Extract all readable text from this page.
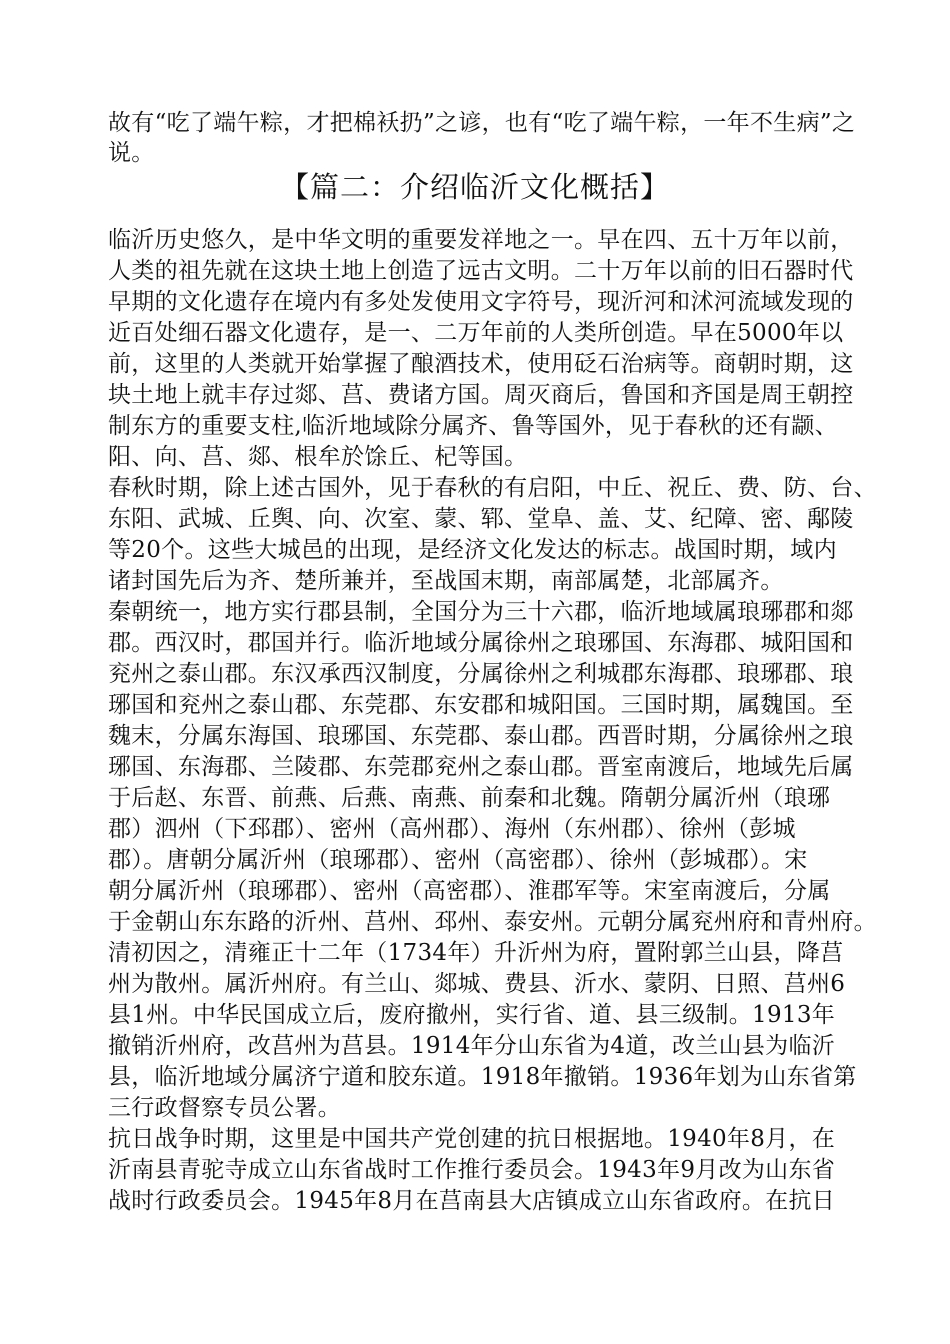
故有“吃了端午粽，才把棉袄扔”之谚，也有“吃了端午粽，一年不生病”之
说。
【篇二：介绍临沂文化概括】
临沂历史悠久，是中华文明的重要发祥地之一。早在四、五十万年以前，
人类的祖先就在这块土地上创造了远古文明。二十万年以前的旧石器时代
早期的文化遗存在境内有多处发使用文字符号，现沂河和沭河流域发现的
近百处细石器文化遗存，是一、二万年前的人类所创造。早在5000年以
前，这里的人类就开始掌握了酿酒技术，使用砭石治病等。商朝时期，这
块土地上就丰存过郯、莒、费诸方国。周灭商后，鲁国和齐国是周王朝控
制东方的重要支柱,临沂地域除分属齐、鲁等国外，见于春秋的还有颛、
阳、向、莒、郯、根牟於馀丘、杞等国。
春秋时期，除上述古国外，见于春秋的有启阳，中丘、祝丘、费、防、台、
东阳、武城、丘舆、向、次室、蒙、郓、堂阜、盖、艾、纪障、密、鄅陵
等20个。这些大城邑的出现，是经济文化发达的标志。战国时期，域内
诸封国先后为齐、楚所兼并，至战国末期，南部属楚，北部属齐。
秦朝统一，地方实行郡县制，全国分为三十六郡，临沂地域属琅琊郡和郯
郡。西汉时，郡国并行。临沂地域分属徐州之琅琊国、东海郡、城阳国和
兖州之泰山郡。东汉承西汉制度，分属徐州之利城郡东海郡、琅琊郡、琅
琊国和兖州之泰山郡、东莞郡、东安郡和城阳国。三国时期，属魏国。至
魏末，分属东海国、琅琊国、东莞郡、泰山郡。西晋时期，分属徐州之琅
琊国、东海郡、兰陵郡、东莞郡兖州之泰山郡。晋室南渡后，地域先后属
于后赵、东晋、前燕、后燕、南燕、前秦和北魏。隋朝分属沂州（琅琊
郡）泗州（下邳郡）、密州（高州郡）、海州（东州郡）、徐州（彭城
郡）。唐朝分属沂州（琅琊郡）、密州（高密郡）、徐州（彭城郡）。宋
朝分属沂州（琅琊郡）、密州（高密郡）、淮郡军等。宋室南渡后，分属
于金朝山东东路的沂州、莒州、邳州、泰安州。元朝分属兖州府和青州府。
清初因之，清雍正十二年（1734年）升沂州为府，置附郭兰山县，降莒
州为散州。属沂州府。有兰山、郯城、费县、沂水、蒙阴、日照、莒州6
县1州。中华民国成立后，废府撤州，实行省、道、县三级制。1913年
撤销沂州府，改莒州为莒县。1914年分山东省为4道，改兰山县为临沂
县，临沂地域分属济宁道和胶东道。1918年撤销。1936年划为山东省第
三行政督察专员公署。
抗日战争时期，这里是中国共产党创建的抗日根据地。1940年8月，在
沂南县青驼寺成立山东省战时工作推行委员会。1943年9月改为山东省
战时行政委员会。1945年8月在莒南县大店镇成立山东省政府。在抗日
